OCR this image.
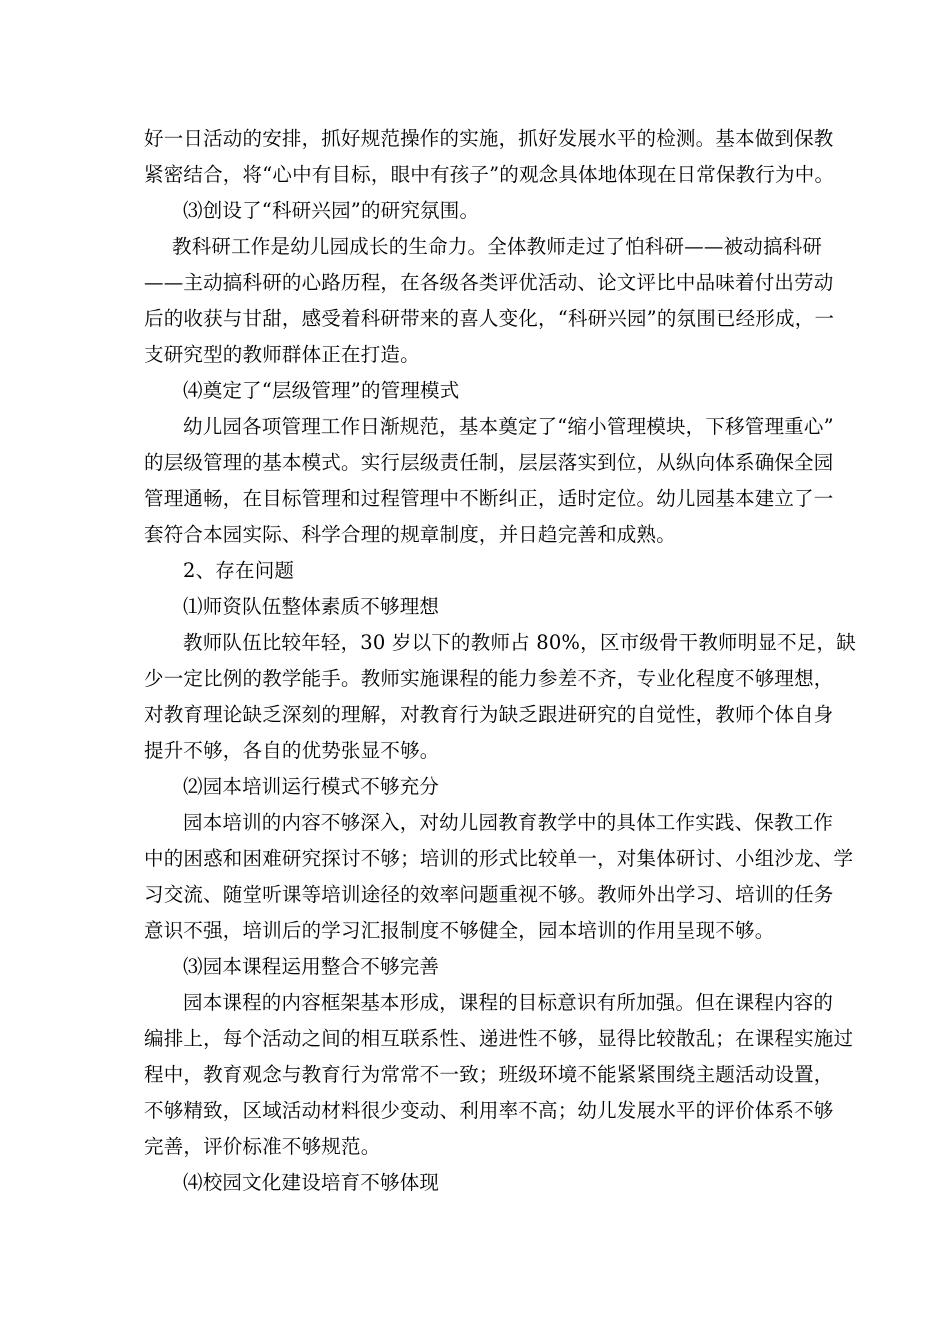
好一日活动的安排，抓好规范操作的实施，抓好发展水平的检测。基本做到保教
紧密结合，将“心中有目标，眼中有孩子”的观念具体地体现在日常保教行为中。
⑶创设了“科研兴园”的研究氛围。
教科研工作是幼儿园成长的生命力。全体教师走过了怕科研——被动搞科研
——主动搞科研的心路历程，在各级各类评优活动、论文评比中品味着付出劳动
后的收获与甘甜，感受着科研带来的喜人变化，“科研兴园”的氛围已经形成，一
支研究型的教师群体正在打造。
⑷奠定了“层级管理”的管理模式
幼儿园各项管理工作日渐规范，基本奠定了“缩小管理模块，下移管理重心”
的层级管理的基本模式。实行层级责任制，层层落实到位，从纵向体系确保全园
管理通畅，在目标管理和过程管理中不断纠正，适时定位。幼儿园基本建立了一
套符合本园实际、科学合理的规章制度，并日趋完善和成熟。
2、存在问题
⑴师资队伍整体素质不够理想
教师队伍比较年轻，30 岁以下的教师占 80%，区市级骨干教师明显不足，缺
少一定比例的教学能手。教师实施课程的能力参差不齐，专业化程度不够理想，
对教育理论缺乏深刻的理解，对教育行为缺乏跟进研究的自觉性，教师个体自身
提升不够，各自的优势张显不够。
⑵园本培训运行模式不够充分
园本培训的内容不够深入，对幼儿园教育教学中的具体工作实践、保教工作
中的困惑和困难研究探讨不够；培训的形式比较单一，对集体研讨、小组沙龙、学
习交流、随堂听课等培训途径的效率问题重视不够。教师外出学习、培训的任务
意识不强，培训后的学习汇报制度不够健全，园本培训的作用呈现不够。
⑶园本课程运用整合不够完善
园本课程的内容框架基本形成，课程的目标意识有所加强。但在课程内容的
编排上，每个活动之间的相互联系性、递进性不够，显得比较散乱；在课程实施过
程中，教育观念与教育行为常常不一致；班级环境不能紧紧围绕主题活动设置，
不够精致，区域活动材料很少变动、利用率不高；幼儿发展水平的评价体系不够
完善，评价标准不够规范。
⑷校园文化建设培育不够体现
